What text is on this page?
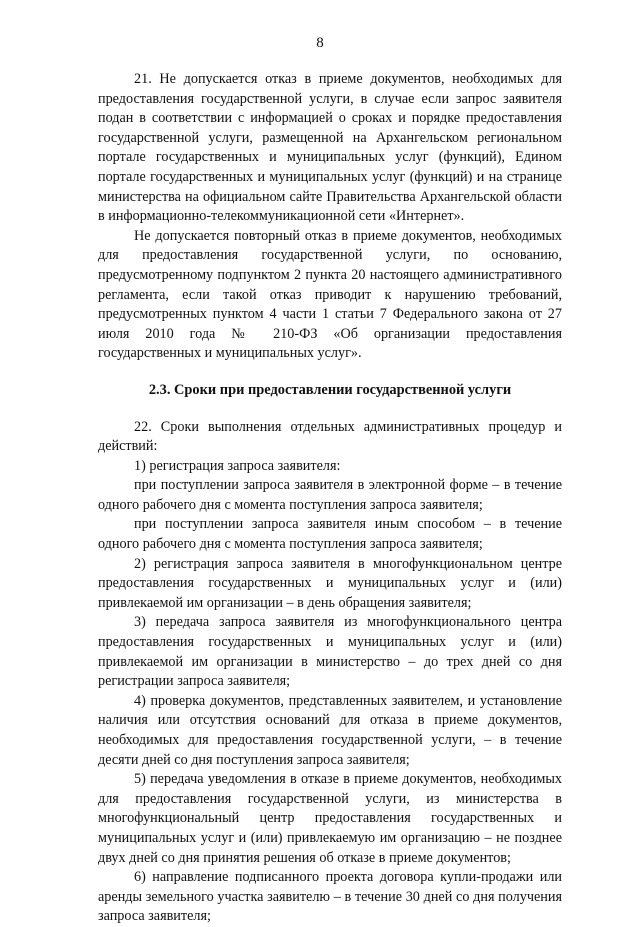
8

21. Не допускается отказ в приеме документов, необходимых для предоставления государственной услуги, в случае если запрос заявителя подан в соответствии с информацией о сроках и порядке предоставления государственной услуги, размещенной на Архангельском региональном портале государственных и муниципальных услуг (функций), Едином портале государственных и муниципальных услуг (функций) и на странице министерства на официальном сайте Правительства Архангельской области в информационно-телекоммуникационной сети «Интернет».

Не допускается повторный отказ в приеме документов, необходимых для предоставления государственной услуги, по основанию, предусмотренному подпунктом 2 пункта 20 настоящего административного регламента, если такой отказ приводит к нарушению требований, предусмотренных пунктом 4 части 1 статьи 7 Федерального закона от 27 июля 2010 года № 210-ФЗ «Об организации предоставления государственных и муниципальных услуг».

2.3. Сроки при предоставлении государственной услуги

22. Сроки выполнения отдельных административных процедур и действий:

1) регистрация запроса заявителя:

при поступлении запроса заявителя в электронной форме – в течение одного рабочего дня с момента поступления запроса заявителя;

при поступлении запроса заявителя иным способом – в течение одного рабочего дня с момента поступления запроса заявителя;

2) регистрация запроса заявителя в многофункциональном центре предоставления государственных и муниципальных услуг и (или) привлекаемой им организации – в день обращения заявителя;

3) передача запроса заявителя из многофункционального центра предоставления государственных и муниципальных услуг и (или) привлекаемой им организации в министерство – до трех дней со дня регистрации запроса заявителя;

4) проверка документов, представленных заявителем, и установление наличия или отсутствия оснований для отказа в приеме документов, необходимых для предоставления государственной услуги, – в течение десяти дней со дня поступления запроса заявителя;

5) передача уведомления в отказе в приеме документов, необходимых для предоставления государственной услуги, из министерства в многофункциональный центр предоставления государственных и муниципальных услуг и (или) привлекаемую им организацию – не позднее двух дней со дня принятия решения об отказе в приеме документов;

6) направление подписанного проекта договора купли-продажи или аренды земельного участка заявителю – в течение 30 дней со дня получения запроса заявителя;
